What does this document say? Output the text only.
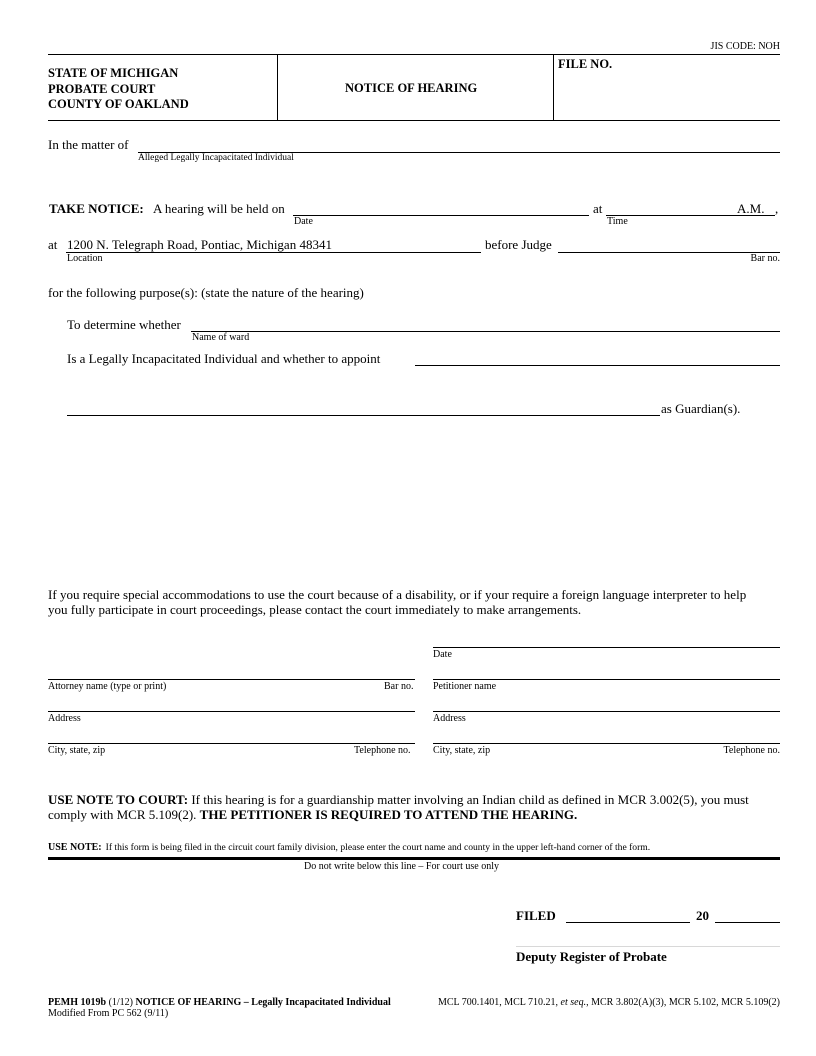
JIS CODE: NOH
STATE OF MICHIGAN
PROBATE COURT
COUNTY OF OAKLAND
NOTICE OF HEARING
FILE NO.
In the matter of
Alleged Legally Incapacitated Individual
TAKE NOTICE: A hearing will be held on
Date
at	A.M. ,
Time
at 1200 N. Telegraph Road, Pontiac, Michigan 48341
Location
before Judge
Bar no.
for the following purpose(s): (state the nature of the hearing)
To determine whether
Name of ward
Is a Legally Incapacitated Individual and whether to appoint
as Guardian(s).
If you require special accommodations to use the court because of a disability, or if your require a foreign language interpreter to help
you fully participate in court proceedings, please contact the court immediately to make arrangements.
Date
Attorney name (type or print)	Bar no. Petitioner name
Address	Address
City, state, zip	Telephone no. City, state, zip	Telephone no.
USE NOTE TO COURT: If this hearing is for a guardianship matter involving an Indian child as defined in MCR 3.002(5), you must
comply with MCR 5.109(2). THE PETITIONER IS REQUIRED TO ATTEND THE HEARING.
USE NOTE: If this form is being filed in the circuit court family division, please enter the court name and county in the upper left-hand corner of the form.
Do not write below this line – For court use only
FILED	20
Deputy Register of Probate
PEMH 1019b (1/12) NOTICE OF HEARING – Legally Incapacitated Individual
Modified From PC 562 (9/11)
MCL 700.1401, MCL 710.21, et seq., MCR 3.802(A)(3), MCR 5.102, MCR 5.109(2)
